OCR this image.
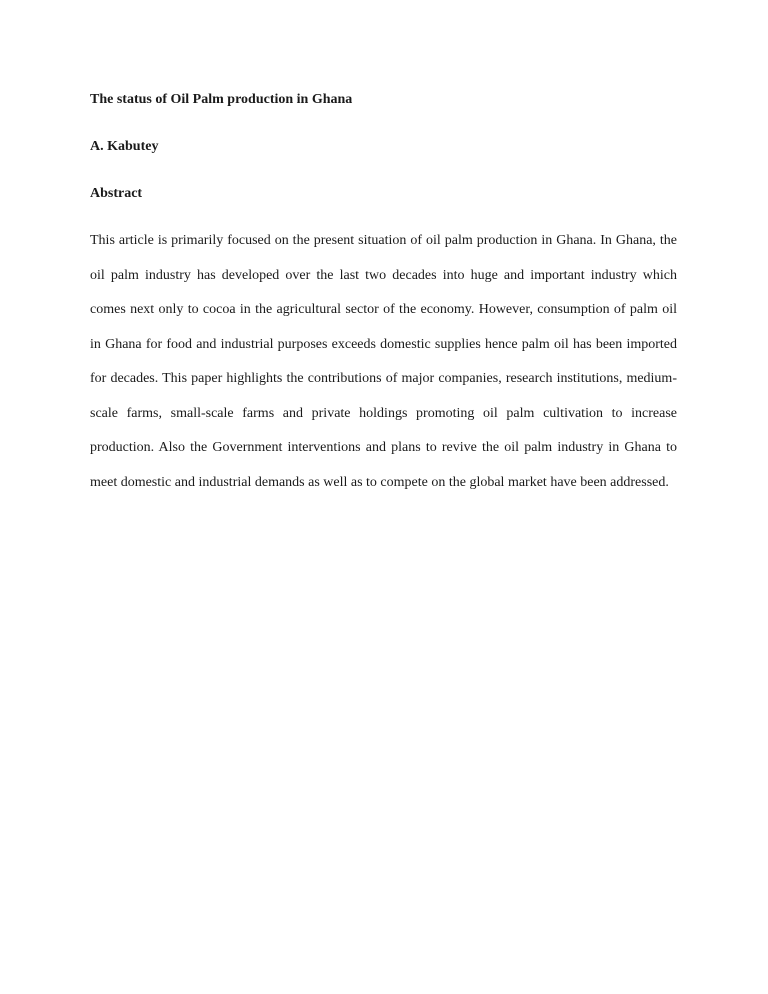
The status of Oil Palm production in Ghana
A. Kabutey
Abstract

This article is primarily focused on the present situation of oil palm production in Ghana. In Ghana, the oil palm industry has developed over the last two decades into huge and important industry which comes next only to cocoa in the agricultural sector of the economy. However, consumption of palm oil in Ghana for food and industrial purposes exceeds domestic supplies hence palm oil has been imported for decades. This paper highlights the contributions of major companies, research institutions, medium-scale farms, small-scale farms and private holdings promoting oil palm cultivation to increase production. Also the Government interventions and plans to revive the oil palm industry in Ghana to meet domestic and industrial demands as well as to compete on the global market have been addressed.
